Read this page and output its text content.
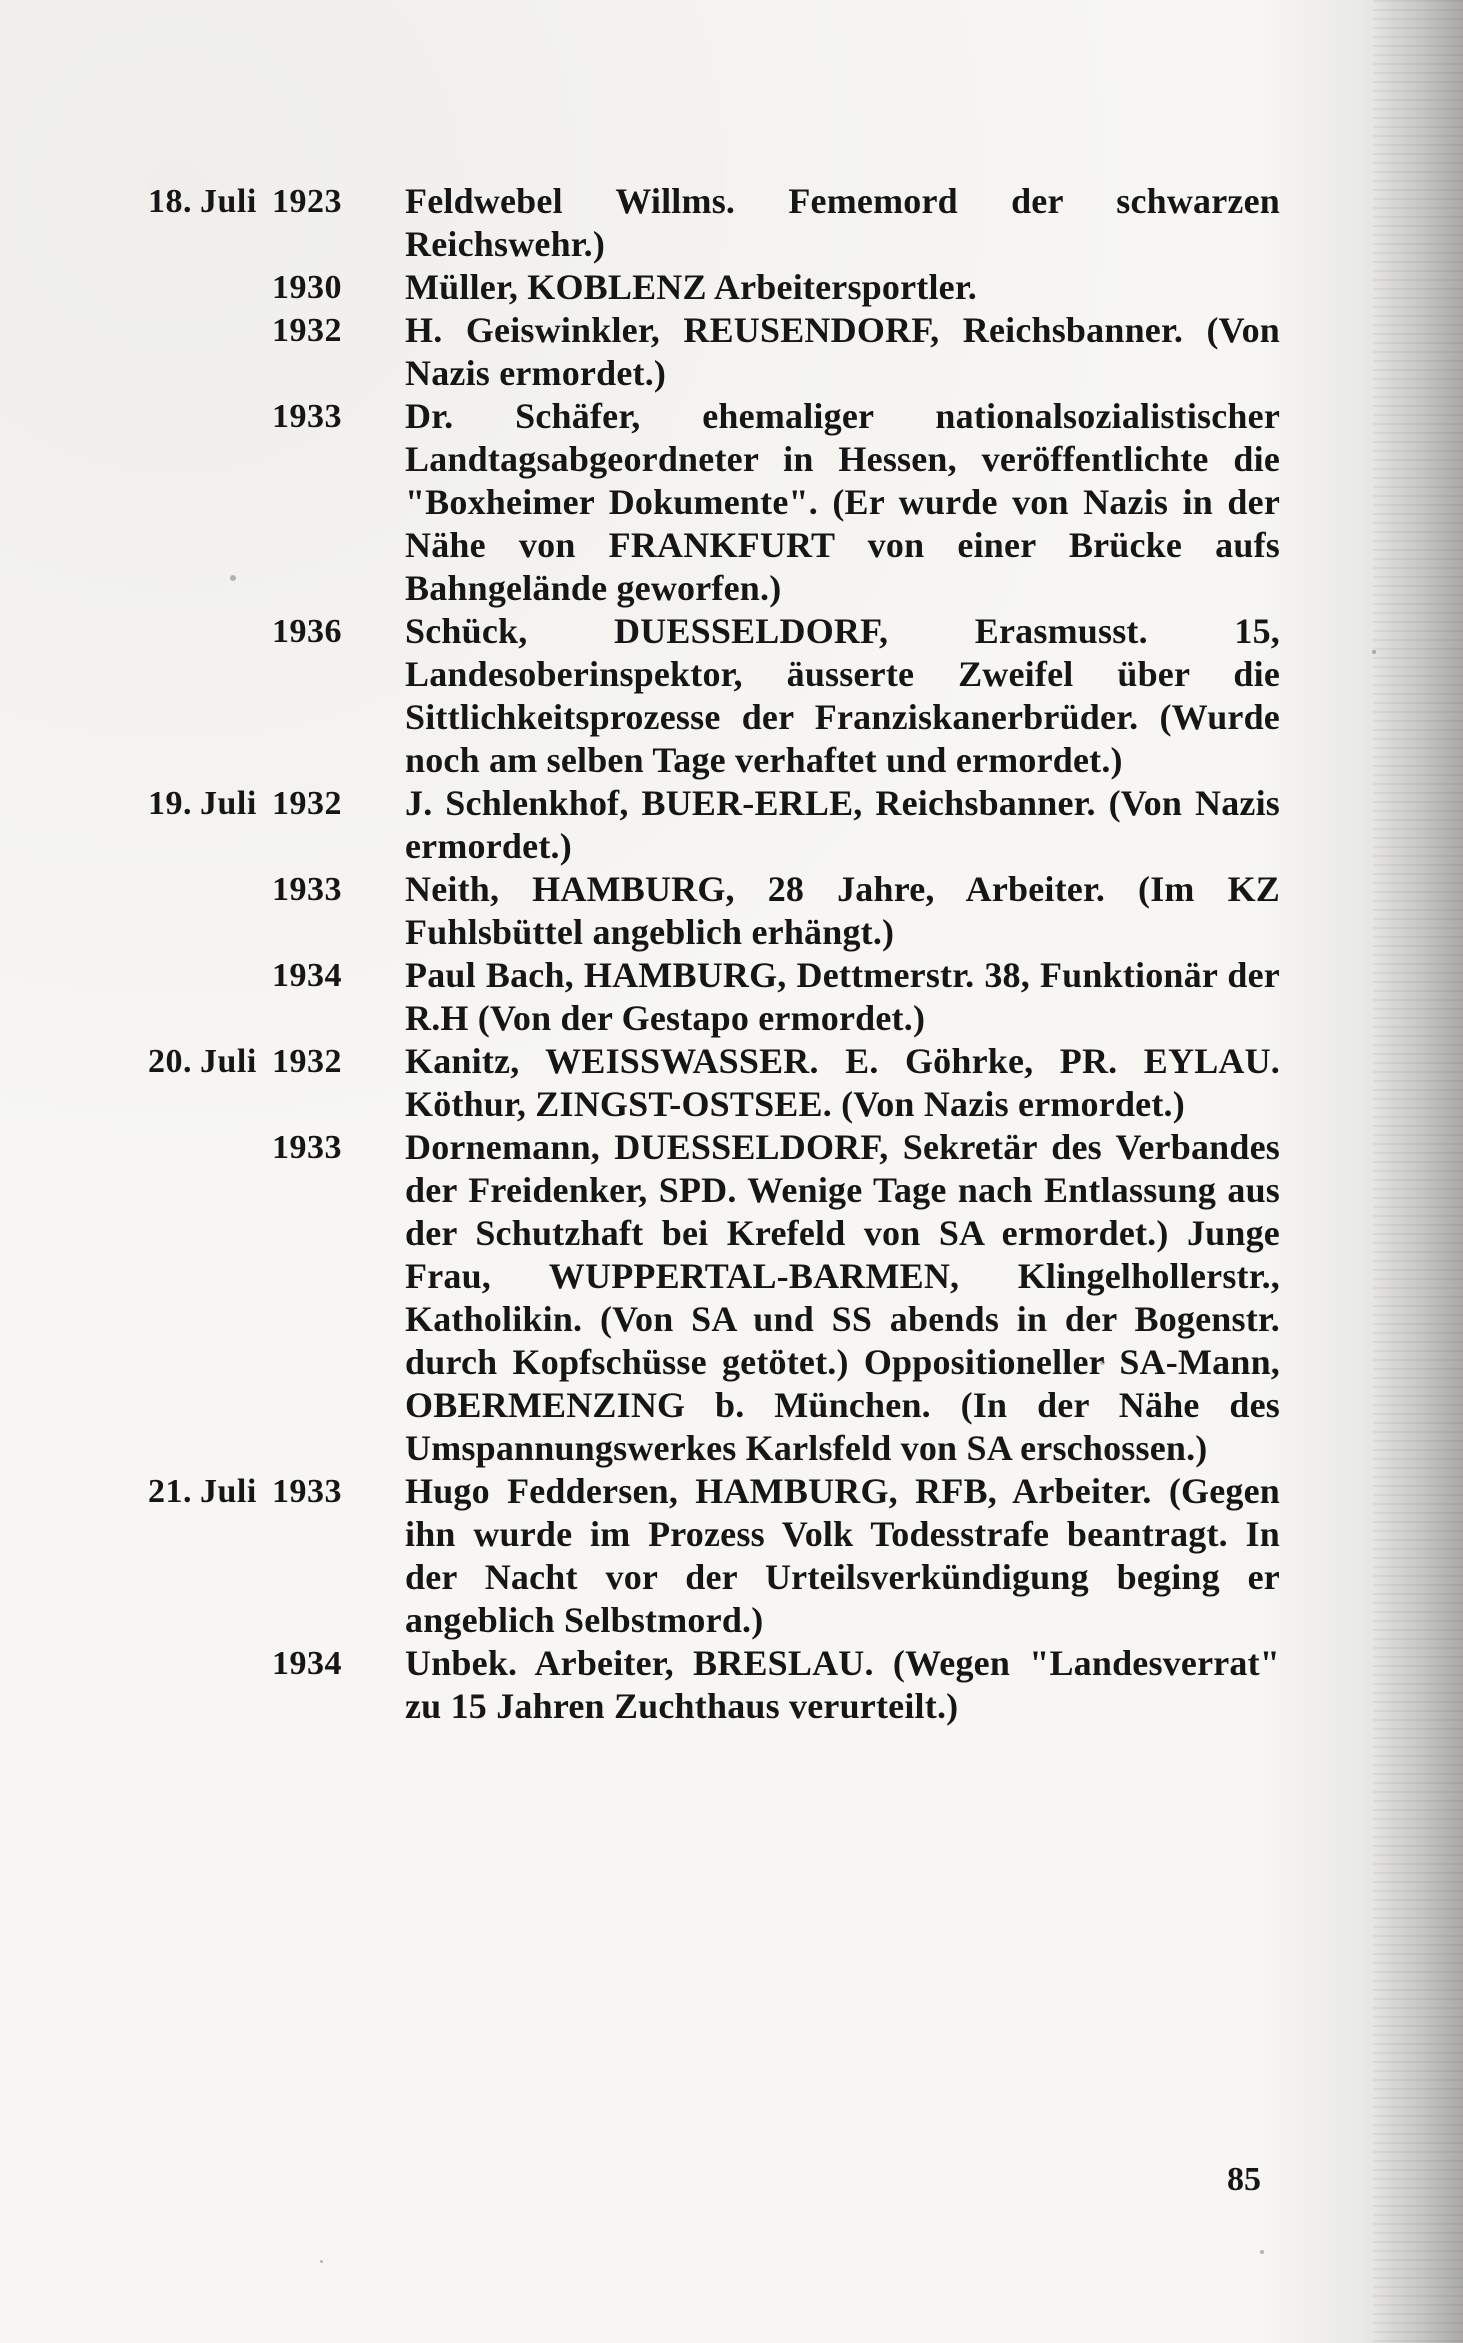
18. Juli 1923	Feldwebel Willms. Fememord der schwarzen Reichswehr.)
1930	Müller, KOBLENZ Arbeitersportler.
1932	H. Geiswinkler, REUSENDORF, Reichsbanner. (Von Nazis ermordet.)
1933	Dr. Schäfer, ehemaliger nationalsozialistischer Landtagsabgeordneter in Hessen, veröffentlichte die "Boxheimer Dokumente". (Er wurde von Nazis in der Nähe von FRANKFURT von einer Brücke aufs Bahngelände geworfen.)
1936	Schück, DUESSELDORF, Erasmusst. 15, Landesoberinspektor, äusserte Zweifel über die Sittlichkeitsprozesse der Franziskanerbrüder. (Wurde noch am selben Tage verhaftet und ermordet.)
19. Juli 1932	J. Schlenkhof, BUER-ERLE, Reichsbanner. (Von Nazis ermordet.)
1933	Neith, HAMBURG, 28 Jahre, Arbeiter. (Im KZ Fuhlsbüttel angeblich erhängt.)
1934	Paul Bach, HAMBURG, Dettmerstr. 38, Funktionär der R.H (Von der Gestapo ermordet.)
20. Juli 1932	Kanitz, WEISSWASSER. E. Göhrke, PR. EYLAU. Köthur, ZINGST-OSTSEE. (Von Nazis ermordet.)
1933	Dornemann, DUESSELDORF, Sekretär des Verbandes der Freidenker, SPD. Wenige Tage nach Entlassung aus der Schutzhaft bei Krefeld von SA ermordet.) Junge Frau, WUPPERTAL-BARMEN, Klingelhollerstr., Katholikin. (Von SA und SS abends in der Bogenstr. durch Kopfschüsse getötet.) Oppositioneller SA-Mann, OBERMENZING b. München. (In der Nähe des Umspannungswerkes Karlsfeld von SA erschossen.)
21. Juli 1933	Hugo Feddersen, HAMBURG, RFB, Arbeiter. (Gegen ihn wurde im Prozess Volk Todesstrafe beantragt. In der Nacht vor der Urteilsverkündigung beging er angeblich Selbstmord.)
1934	Unbek. Arbeiter, BRESLAU. (Wegen "Landesverrat" zu 15 Jahren Zuchthaus verurteilt.)
85
